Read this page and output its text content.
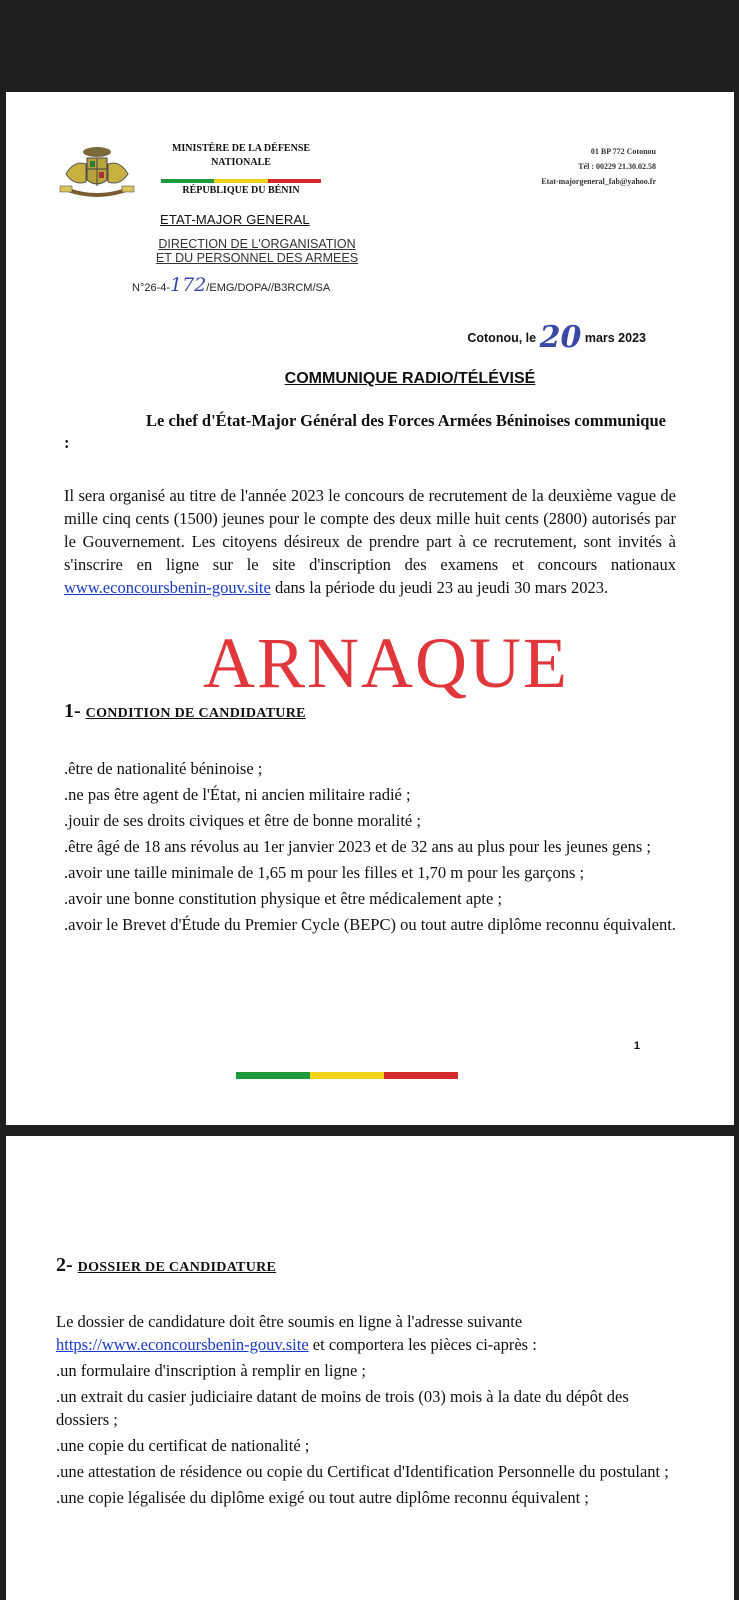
MINISTÈRE DE LA DÉFENSE
NATIONALE
RÉPUBLIQUE DU BÉNIN
01 BP 772 Cotonou
Tél : 00229 21.30.02.58
Etat-majorgeneral_fab@yahoo.fr
ETAT-MAJOR GENERAL
DIRECTION DE L'ORGANISATION
ET DU PERSONNEL DES ARMEES
N°26-4-172/EMG/DOPA//B3RCM/SA
Cotonou, le 20 mars 2023
COMMUNIQUE RADIO/TÉLÉVISÉ
Le chef d'État-Major Général des Forces Armées Béninoises communique :
Il sera organisé au titre de l'année 2023 le concours de recrutement de la deuxième vague de mille cinq cents (1500) jeunes pour le compte des deux mille huit cents (2800) autorisés par le Gouvernement. Les citoyens désireux de prendre part à ce recrutement, sont invités à s'inscrire en ligne sur le site d'inscription des examens et concours nationaux www.econcoursbenin-gouv.site dans la période du jeudi 23 au jeudi 30 mars 2023.
ARNAQUE
1- CONDITION DE CANDIDATURE
.être de nationalité béninoise ;
.ne pas être agent de l'État, ni ancien militaire radié ;
.jouir de ses droits civiques et être de bonne moralité ;
.être âgé de 18 ans révolus au 1er janvier 2023 et de 32 ans au plus pour les jeunes gens ;
.avoir une taille minimale de 1,65 m pour les filles et 1,70 m pour les garçons ;
.avoir une bonne constitution physique et être médicalement apte ;
.avoir le Brevet d'Étude du Premier Cycle (BEPC) ou tout autre diplôme reconnu équivalent.
1
2- DOSSIER DE CANDIDATURE
Le dossier de candidature doit être soumis en ligne à l'adresse suivante https://www.econcoursbenin-gouv.site et comportera les pièces ci-après :
.un formulaire d'inscription à remplir en ligne ;
.un extrait du casier judiciaire datant de moins de trois (03) mois à la date du dépôt des dossiers ;
.une copie du certificat de nationalité ;
.une attestation de résidence ou copie du Certificat d'Identification Personnelle du postulant ;
.une copie légalisée du diplôme exigé ou tout autre diplôme reconnu équivalent ;
